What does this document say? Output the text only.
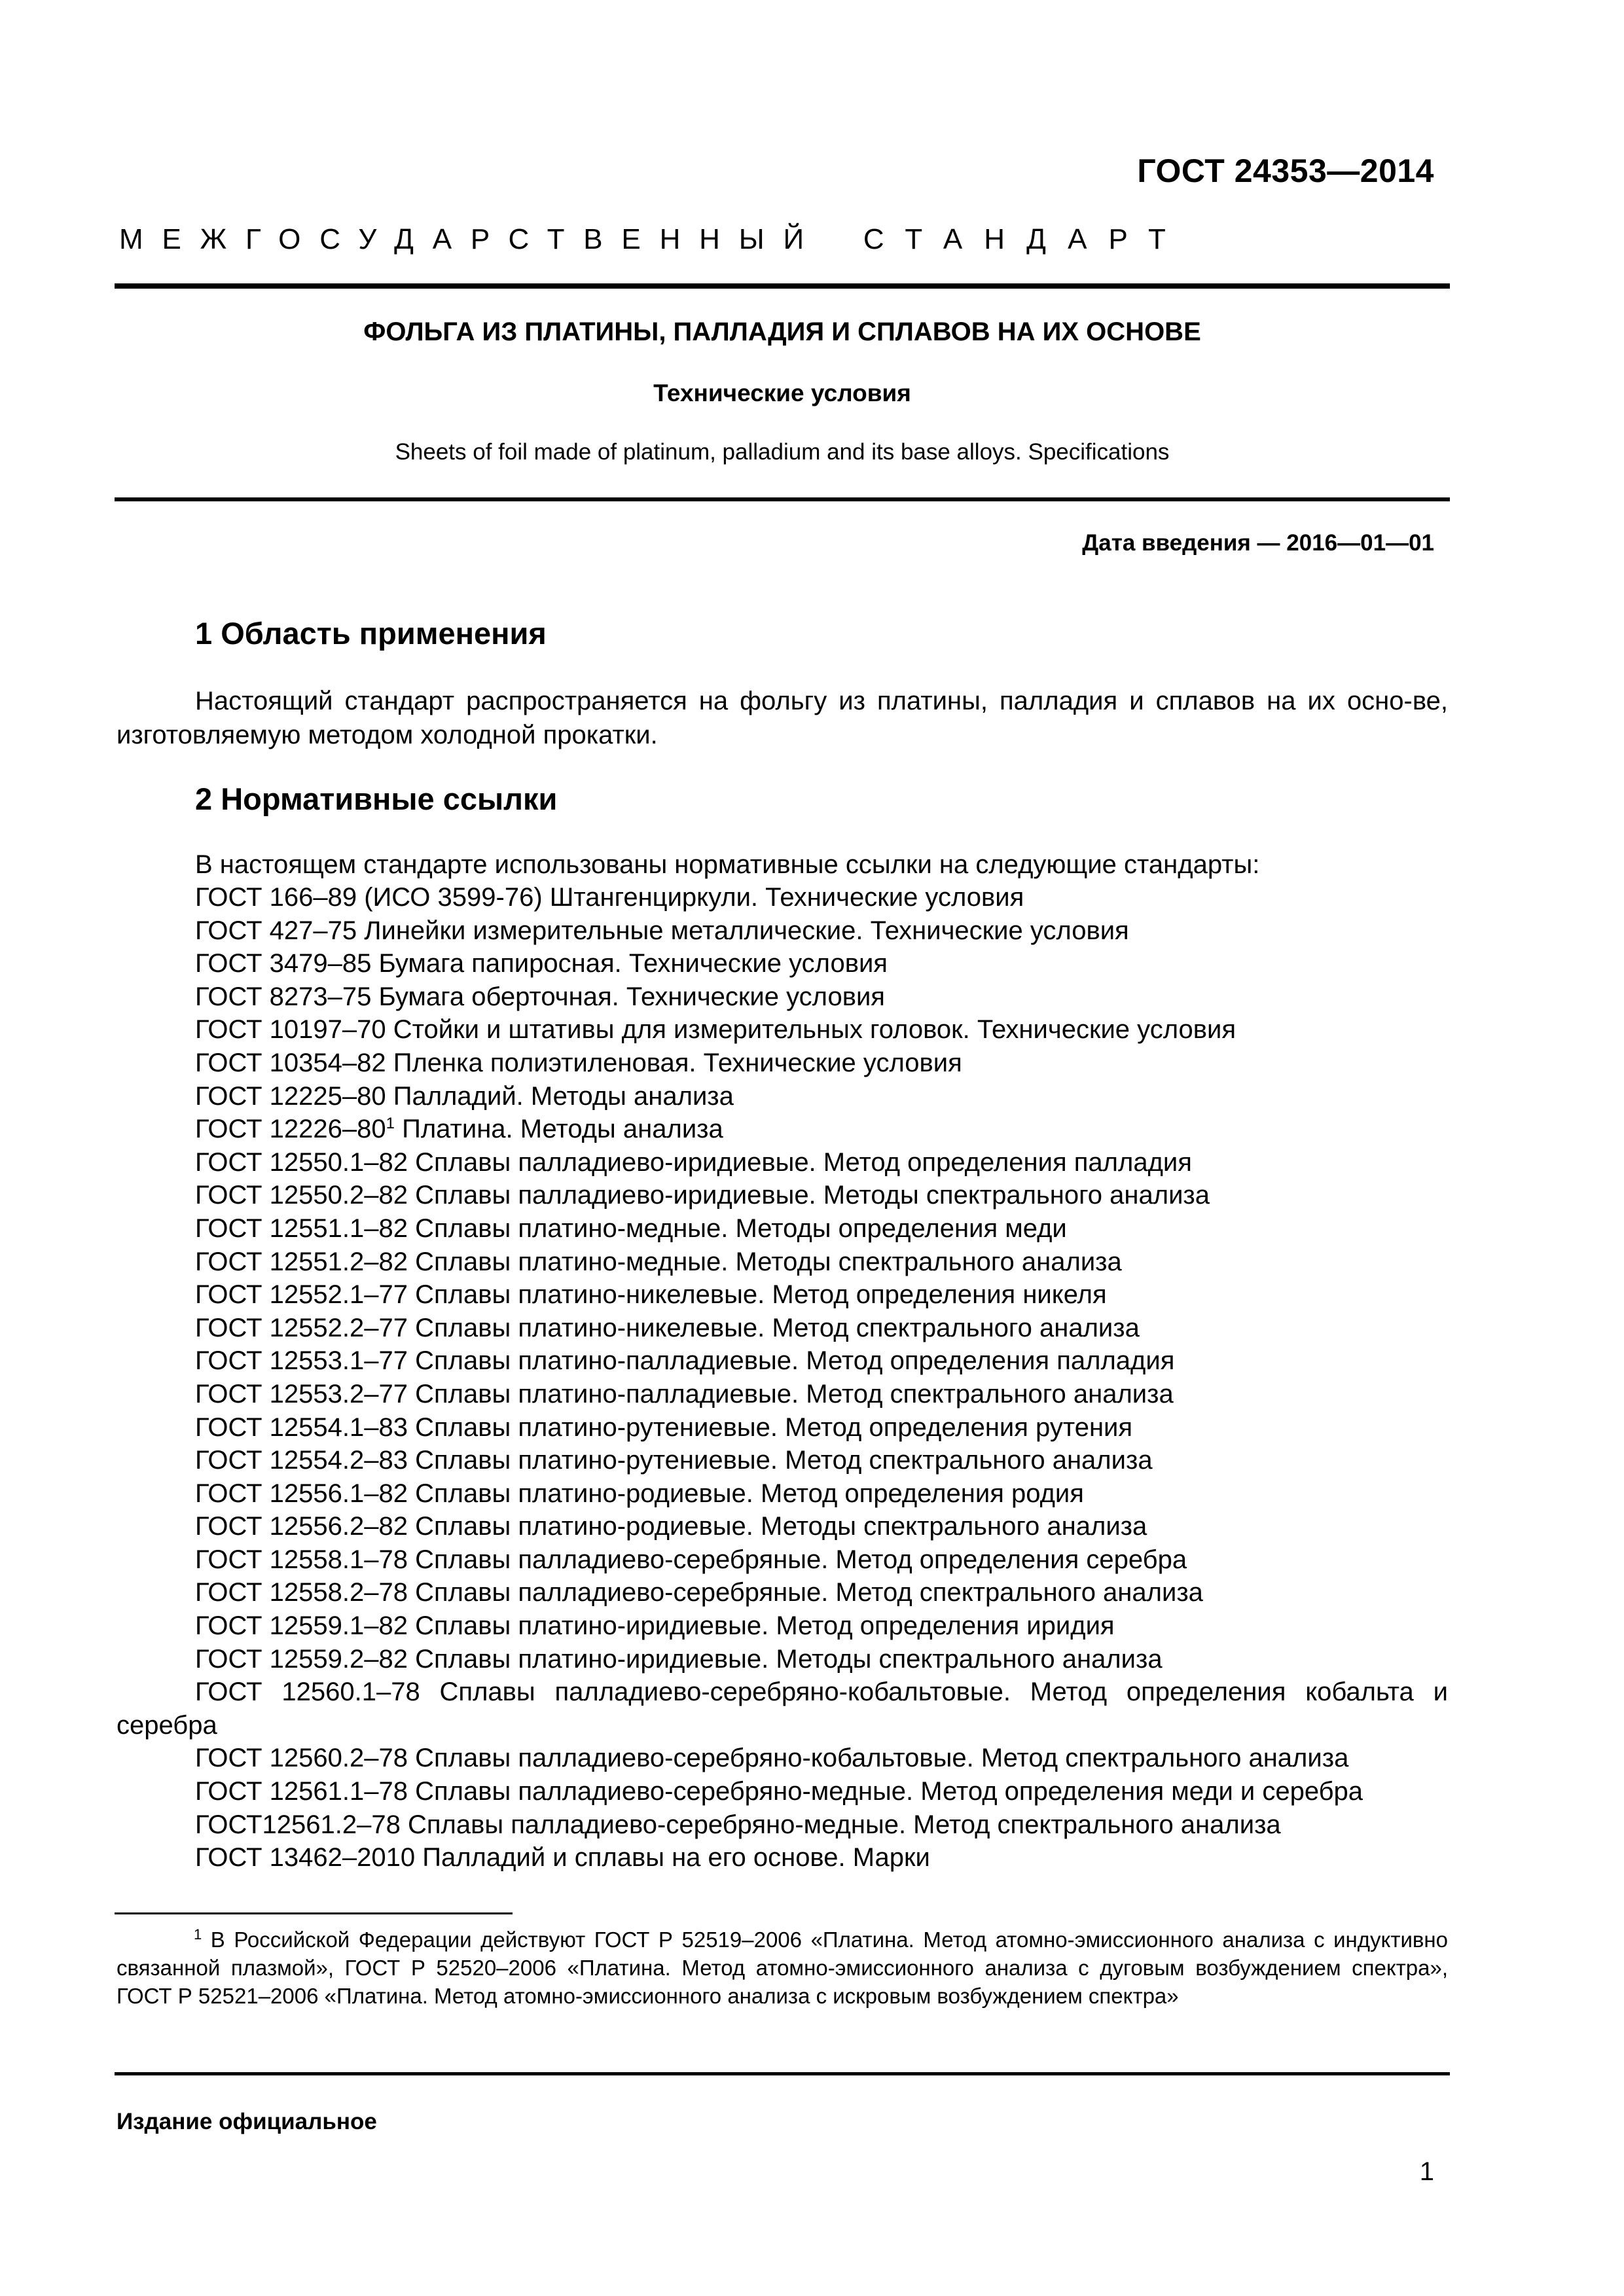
ГОСТ 24353—2014
МЕЖГОСУДАРСТВЕННЫЙ СТАНДАРТ
ФОЛЬГА ИЗ ПЛАТИНЫ, ПАЛЛАДИЯ И СПЛАВОВ НА ИХ ОСНОВЕ
Технические условия
Sheets of foil made of platinum, palladium and its base alloys. Specifications
Дата введения — 2016—01—01
1 Область применения
Настоящий стандарт распространяется на фольгу из платины, палладия и сплавов на их осно-ве, изготовляемую методом холодной прокатки.
2 Нормативные ссылки
В настоящем стандарте использованы нормативные ссылки на следующие стандарты:
ГОСТ 166–89 (ИСО 3599-76) Штангенциркули. Технические условия
ГОСТ 427–75 Линейки измерительные металлические. Технические условия
ГОСТ 3479–85 Бумага папиросная. Технические условия
ГОСТ 8273–75 Бумага оберточная. Технические условия
ГОСТ 10197–70 Стойки и штативы для измерительных головок. Технические условия
ГОСТ 10354–82 Пленка полиэтиленовая. Технические условия
ГОСТ 12225–80 Палладий. Методы анализа
ГОСТ $12226-80^1$ Платина. Методы анализа
ГОСТ 12550.1–82 Сплавы палладиево-иридиевые. Метод определения палладия
ГОСТ 12550.2–82 Сплавы палладиево-иридиевые. Методы спектрального анализа
ГОСТ 12551.1–82 Сплавы платино-медные. Методы определения меди
ГОСТ 12551.2–82 Сплавы платино-медные. Методы спектрального анализа
ГОСТ 12552.1–77 Сплавы платино-никелевые. Метод определения никеля
ГОСТ 12552.2–77 Сплавы платино-никелевые. Метод спектрального анализа
ГОСТ 12553.1–77 Сплавы платино-палладиевые. Метод определения палладия
ГОСТ 12553.2–77 Сплавы платино-палладиевые. Метод спектрального анализа
ГОСТ 12554.1–83 Сплавы платино-рутениевые. Метод определения рутения
ГОСТ 12554.2–83 Сплавы платино-рутениевые. Метод спектрального анализа
ГОСТ 12556.1–82 Сплавы платино-родиевые. Метод определения родия
ГОСТ 12556.2–82 Сплавы платино-родиевые. Методы спектрального анализа
ГОСТ 12558.1–78 Сплавы палладиево-серебряные. Метод определения серебра
ГОСТ 12558.2–78 Сплавы палладиево-серебряные. Метод спектрального анализа
ГОСТ 12559.1–82 Сплавы платино-иридиевые. Метод определения иридия
ГОСТ 12559.2–82 Сплавы платино-иридиевые. Методы спектрального анализа
ГОСТ 12560.1–78 Сплавы палладиево-серебряно-кобальтовые. Метод определения кобальта и серебра
ГОСТ 12560.2–78 Сплавы палладиево-серебряно-кобальтовые. Метод спектрального анализа
ГОСТ 12561.1–78 Сплавы палладиево-серебряно-медные. Метод определения меди и серебра
ГОСТ12561.2–78 Сплавы палладиево-серебряно-медные. Метод спектрального анализа
ГОСТ 13462–2010 Палладий и сплавы на его основе. Марки
$^1$ В Российской Федерации действуют ГОСТ Р 52519–2006 «Платина. Метод атомно-эмиссионного анализа с индуктивно связанной плазмой», ГОСТ Р 52520–2006 «Платина. Метод атомно-эмиссионного анализа с дуговым возбуждением спектра», ГОСТ Р 52521–2006 «Платина. Метод атомно-эмиссионного анализа с искровым возбуждением спектра»
Издание официальное
1
